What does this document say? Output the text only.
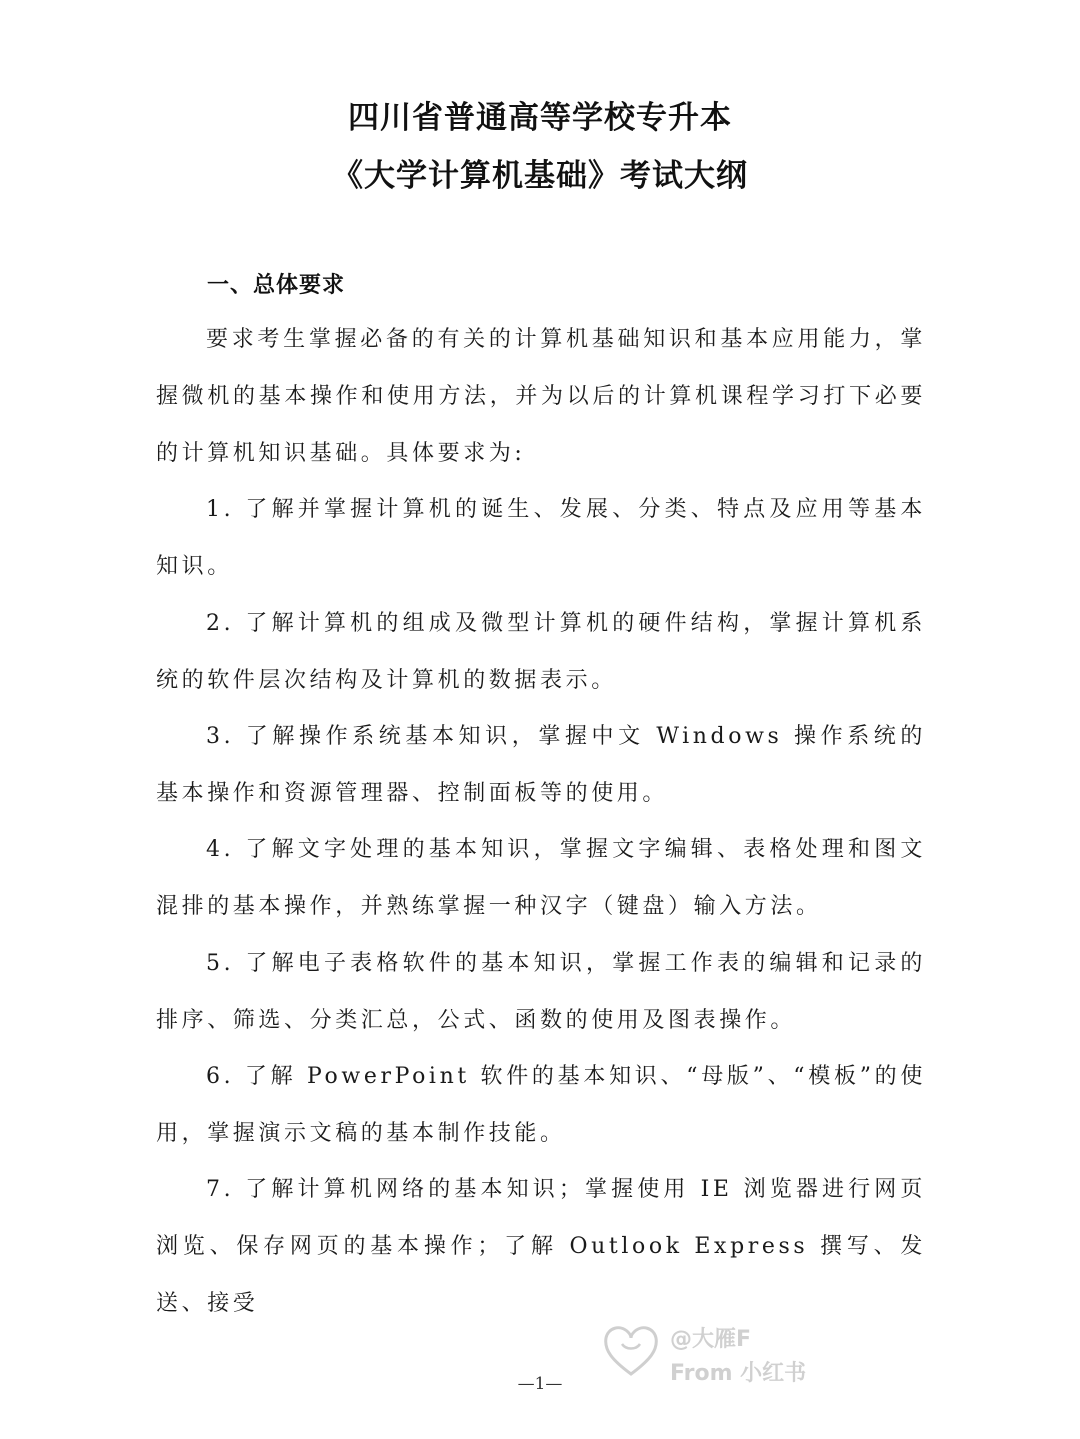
四川省普通高等学校专升本
《大学计算机基础》考试大纲
一、总体要求
要求考生掌握必备的有关的计算机基础知识和基本应用能力，掌握微机的基本操作和使用方法，并为以后的计算机课程学习打下必要的计算机知识基础。具体要求为:
1. 了解并掌握计算机的诞生、发展、分类、特点及应用等基本知识。
2. 了解计算机的组成及微型计算机的硬件结构，掌握计算机系统的软件层次结构及计算机的数据表示。
3. 了解操作系统基本知识，掌握中文 Windows 操作系统的基本操作和资源管理器、控制面板等的使用。
4. 了解文字处理的基本知识，掌握文字编辑、表格处理和图文混排的基本操作，并熟练掌握一种汉字（键盘）输入方法。
5. 了解电子表格软件的基本知识，掌握工作表的编辑和记录的排序、筛选、分类汇总，公式、函数的使用及图表操作。
6. 了解 PowerPoint 软件的基本知识、“母版”、“模板”的使用，掌握演示文稿的基本制作技能。
7. 了解计算机网络的基本知识；掌握使用 IE 浏览器进行网页浏览、保存网页的基本操作；了解 Outlook Express 撰写、发送、接受
@大雁F
From 小红书
—1—
